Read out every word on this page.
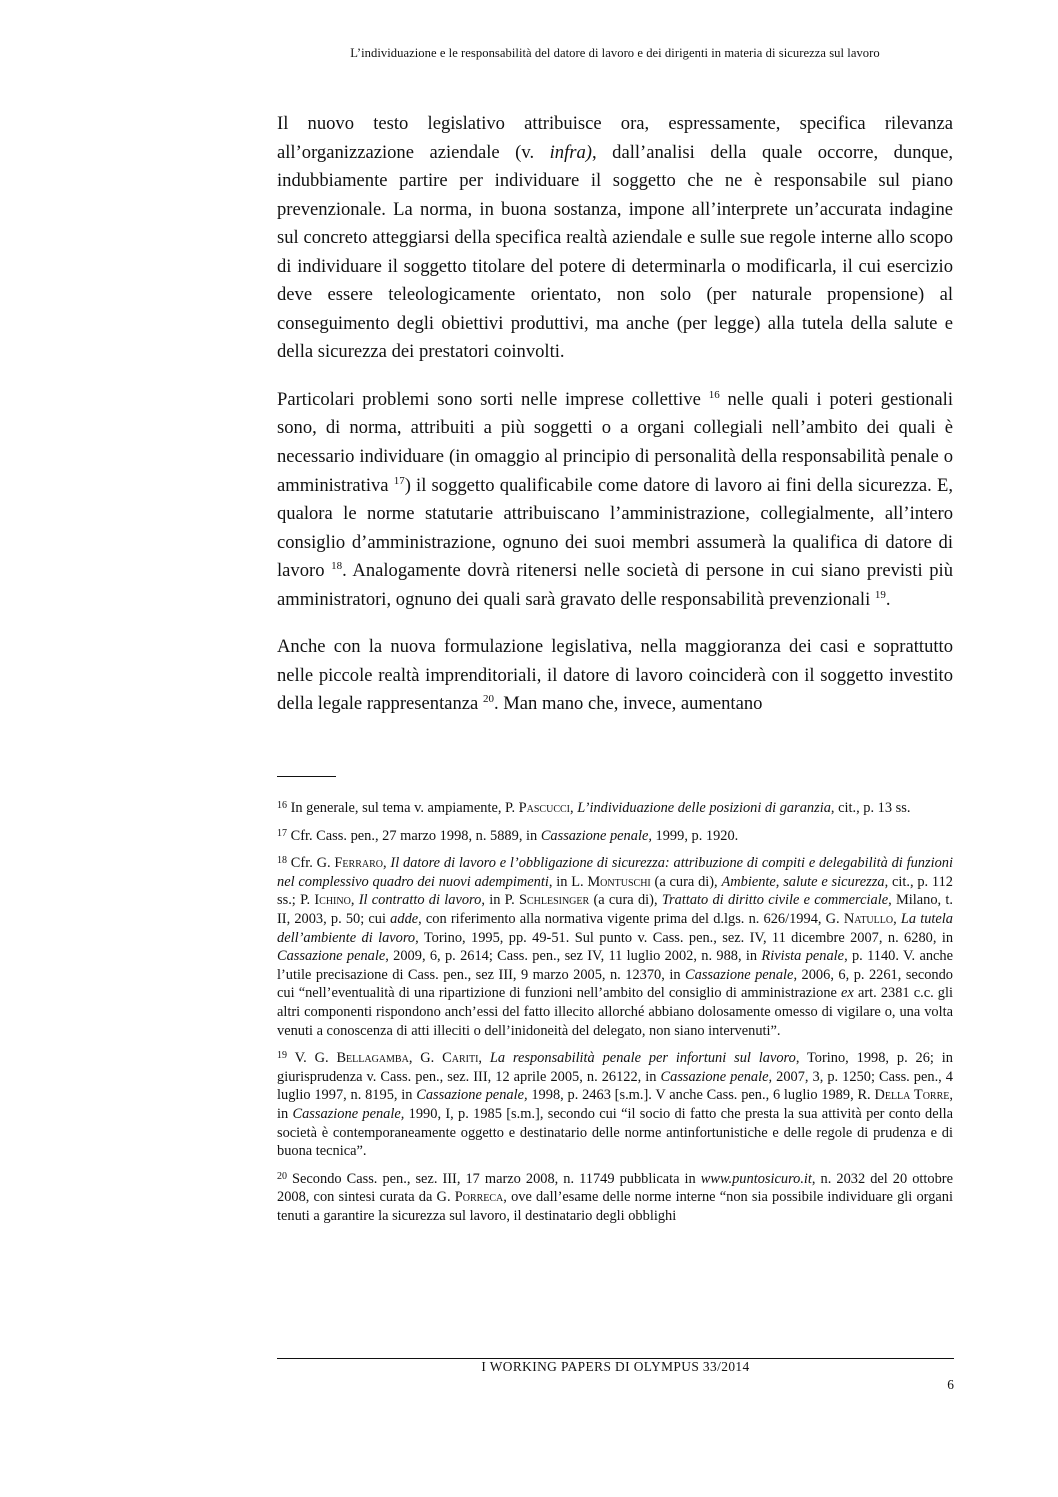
L’individuazione e le responsabilità del datore di lavoro e dei dirigenti in materia di sicurezza sul lavoro

Il nuovo testo legislativo attribuisce ora, espressamente, specifica rilevanza all’organizzazione aziendale (v. infra), dall’analisi della quale occorre, dunque, indubbiamente partire per individuare il soggetto che ne è responsabile sul piano prevenzionale. La norma, in buona sostanza, impone all’interprete un’accurata indagine sul concreto atteggiarsi della specifica realtà aziendale e sulle sue regole interne allo scopo di individuare il soggetto titolare del potere di determinarla o modificarla, il cui esercizio deve essere teleologicamente orientato, non solo (per naturale propensione) al conseguimento degli obiettivi produttivi, ma anche (per legge) alla tutela della salute e della sicurezza dei prestatori coinvolti.

Particolari problemi sono sorti nelle imprese collettive $^{16}$ nelle quali i poteri gestionali sono, di norma, attribuiti a più soggetti o a organi collegiali nell’ambito dei quali è necessario individuare (in omaggio al principio di personalità della responsabilità penale o amministrativa $^{17}$) il soggetto qualificabile come datore di lavoro ai fini della sicurezza. E, qualora le norme statutarie attribuiscano l’amministrazione, collegialmente, all’intero consiglio d’amministrazione, ognuno dei suoi membri assumerà la qualifica di datore di lavoro $^{18}$. Analogamente dovrà ritenersi nelle società di persone in cui siano previsti più amministratori, ognuno dei quali sarà gravato delle responsabilità prevenzionali $^{19}$.

Anche con la nuova formulazione legislativa, nella maggioranza dei casi e soprattutto nelle piccole realtà imprenditoriali, il datore di lavoro coinciderà con il soggetto investito della legale rappresentanza $^{20}$. Man mano che, invece, aumentano

$^{16}$ In generale, sul tema v. ampiamente, P. Pascucci, L’individuazione delle posizioni di garanzia, cit., p. 13 ss.
$^{17}$ Cfr. Cass. pen., 27 marzo 1998, n. 5889, in Cassazione penale, 1999, p. 1920.
$^{18}$ Cfr. G. Ferraro, Il datore di lavoro e l’obbligazione di sicurezza: attribuzione di compiti e delegabilità di funzioni nel complessivo quadro dei nuovi adempimenti, in L. Montuschi (a cura di), Ambiente, salute e sicurezza, cit., p. 112 ss.; P. Ichino, Il contratto di lavoro, in P. Schlesinger (a cura di), Trattato di diritto civile e commerciale, Milano, t. II, 2003, p. 50; cui adde, con riferimento alla normativa vigente prima del d.lgs. n. 626/1994, G. Natullo, La tutela dell’ambiente di lavoro, Torino, 1995, pp. 49-51. Sul punto v. Cass. pen., sez. IV, 11 dicembre 2007, n. 6280, in Cassazione penale, 2009, 6, p. 2614; Cass. pen., sez IV, 11 luglio 2002, n. 988, in Rivista penale, p. 1140. V. anche l’utile precisazione di Cass. pen., sez III, 9 marzo 2005, n. 12370, in Cassazione penale, 2006, 6, p. 2261, secondo cui “nell’eventualità di una ripartizione di funzioni nell’ambito del consiglio di amministrazione ex art. 2381 c.c. gli altri componenti rispondono anch’essi del fatto illecito allorché abbiano dolosamente omesso di vigilare o, una volta venuti a conoscenza di atti illeciti o dell’inidoneità del delegato, non siano intervenuti”.
$^{19}$ V. G. Bellagamba, G. Cariti, La responsabilità penale per infortuni sul lavoro, Torino, 1998, p. 26; in giurisprudenza v. Cass. pen., sez. III, 12 aprile 2005, n. 26122, in Cassazione penale, 2007, 3, p. 1250; Cass. pen., 4 luglio 1997, n. 8195, in Cassazione penale, 1998, p. 2463 [s.m.]. V anche Cass. pen., 6 luglio 1989, R. Della Torre, in Cassazione penale, 1990, I, p. 1985 [s.m.], secondo cui “il socio di fatto che presta la sua attività per conto della società è contemporaneamente oggetto e destinatario delle norme antinfortunistiche e delle regole di prudenza e di buona tecnica”.
$^{20}$ Secondo Cass. pen., sez. III, 17 marzo 2008, n. 11749 pubblicata in www.puntosicuro.it, n. 2032 del 20 ottobre 2008, con sintesi curata da G. Porreca, ove dall’esame delle norme interne “non sia possibile individuare gli organi tenuti a garantire la sicurezza sul lavoro, il destinatario degli obblighi
I WORKING PAPERS DI OLYMPUS 33/2014
6
